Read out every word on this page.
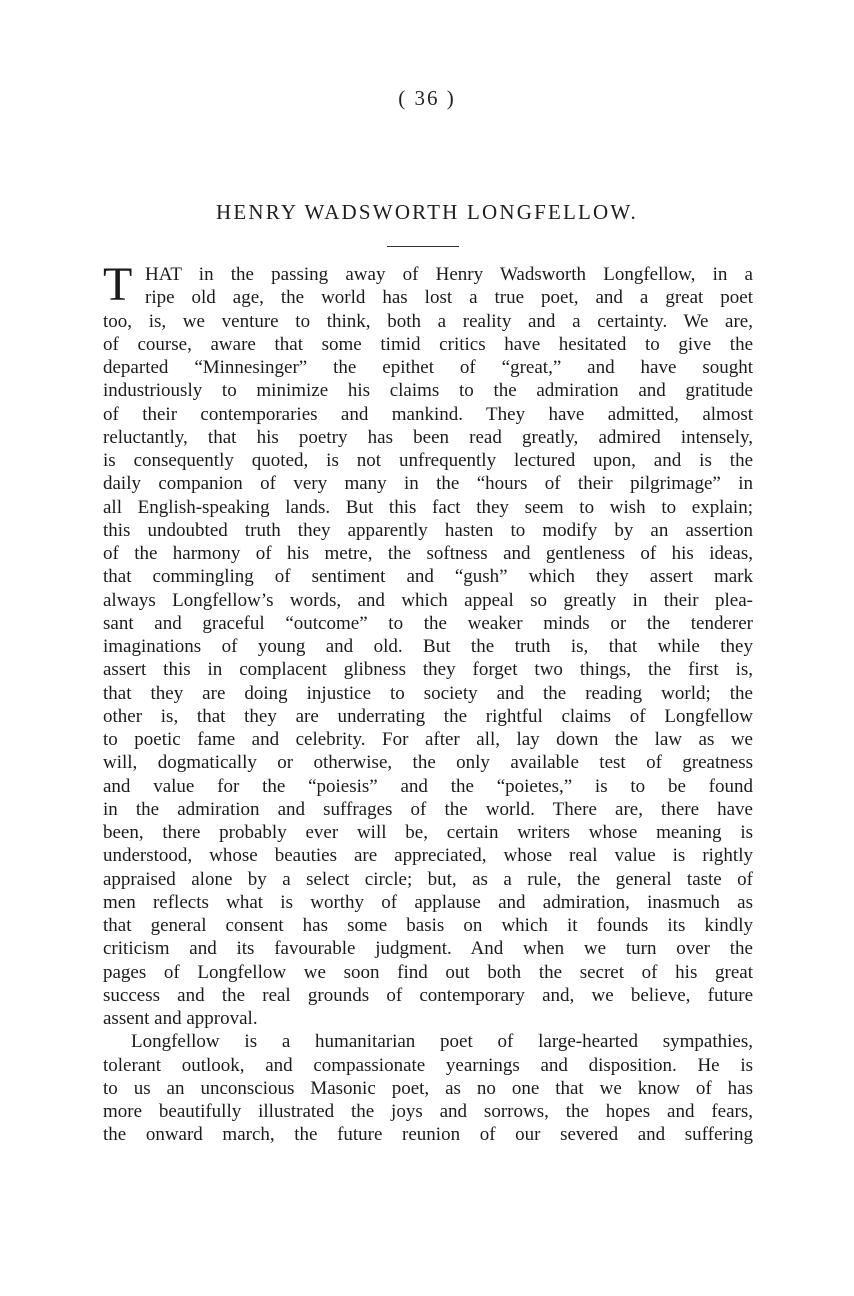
( 36 )
HENRY WADSWORTH LONGFELLOW.
T HAT in the passing away of Henry Wadsworth Longfellow, in a
ripe old age, the world has lost a true poet, and a great poet
too, is, we venture to think, both a reality and a certainty. We are,
of course, aware that some timid critics have hesitated to give the
departed “Minnesinger” the epithet of “great,” and have sought
industriously to minimize his claims to the admiration and gratitude
of their contemporaries and mankind. They have admitted, almost
reluctantly, that his poetry has been read greatly, admired intensely,
is consequently quoted, is not unfrequently lectured upon, and is the
daily companion of very many in the “hours of their pilgrimage” in
all English-speaking lands. But this fact they seem to wish to explain;
this undoubted truth they apparently hasten to modify by an assertion
of the harmony of his metre, the softness and gentleness of his ideas,
that commingling of sentiment and “gush” which they assert mark
always Longfellow’s words, and which appeal so greatly in their plea-
sant and graceful “outcome” to the weaker minds or the tenderer
imaginations of young and old. But the truth is, that while they
assert this in complacent glibness they forget two things, the first is,
that they are doing injustice to society and the reading world; the
other is, that they are underrating the rightful claims of Longfellow
to poetic fame and celebrity. For after all, lay down the law as we
will, dogmatically or otherwise, the only available test of greatness
and value for the “poiesis” and the “poietes,” is to be found
in the admiration and suffrages of the world. There are, there have
been, there probably ever will be, certain writers whose meaning is
understood, whose beauties are appreciated, whose real value is rightly
appraised alone by a select circle; but, as a rule, the general taste of
men reflects what is worthy of applause and admiration, inasmuch as
that general consent has some basis on which it founds its kindly
criticism and its favourable judgment. And when we turn over the
pages of Longfellow we soon find out both the secret of his great
success and the real grounds of contemporary and, we believe, future
assent and approval.
Longfellow is a humanitarian poet of large-hearted sympathies,
tolerant outlook, and compassionate yearnings and disposition. He is
to us an unconscious Masonic poet, as no one that we know of has
more beautifully illustrated the joys and sorrows, the hopes and fears,
the onward march, the future reunion of our severed and suffering
